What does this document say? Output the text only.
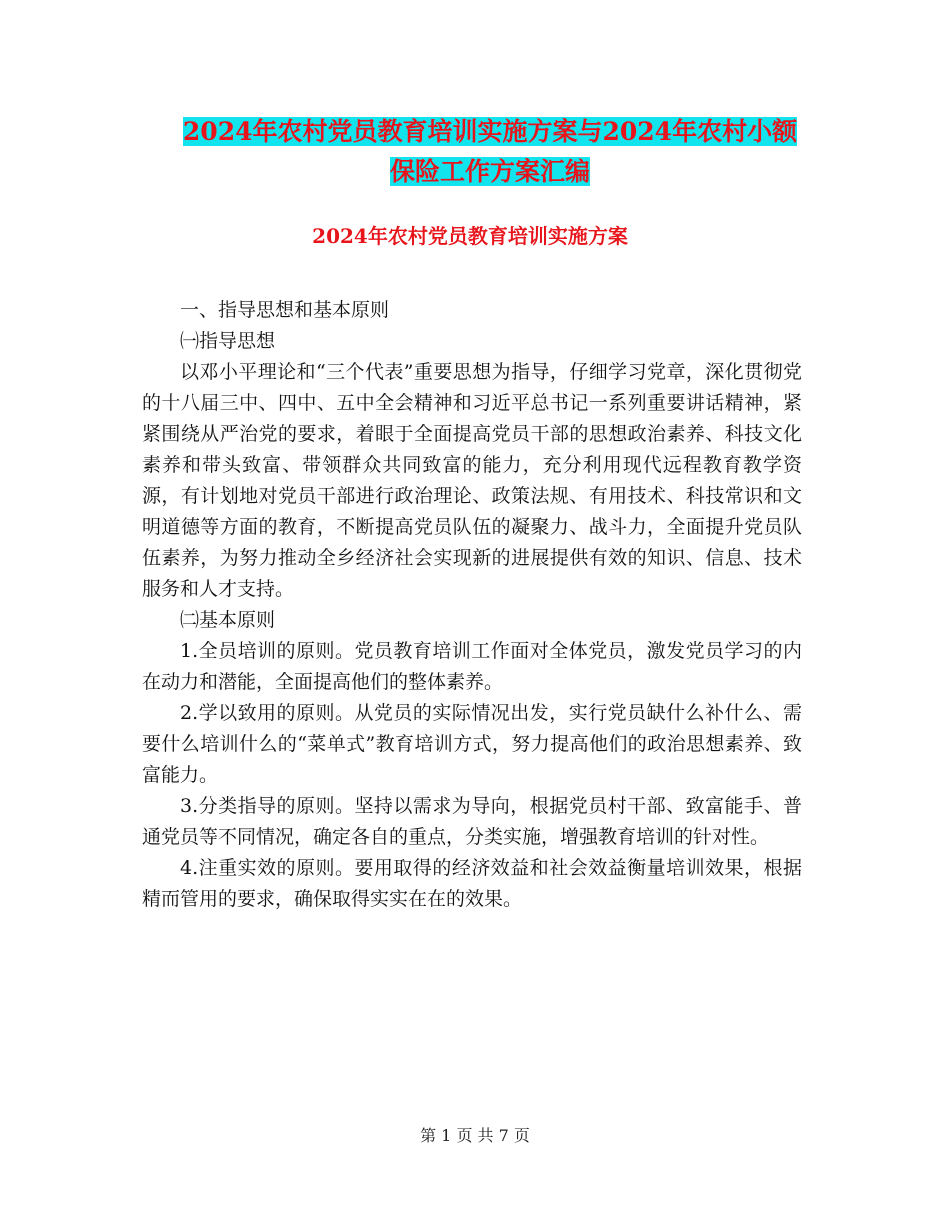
2024年农村党员教育培训实施方案与2024年农村小额
保险工作方案汇编
2024年农村党员教育培训实施方案

一、指导思想和基本原则

㈠指导思想

以邓小平理论和“三个代表”重要思想为指导，仔细学习党章，深化贯彻党的十八届三中、四中、五中全会精神和习近平总书记一系列重要讲话精神，紧紧围绕从严治党的要求，着眼于全面提高党员干部的思想政治素养、科技文化素养和带头致富、带领群众共同致富的能力，充分利用现代远程教育教学资源，有计划地对党员干部进行政治理论、政策法规、有用技术、科技常识和文明道德等方面的教育，不断提高党员队伍的凝聚力、战斗力，全面提升党员队伍素养，为努力推动全乡经济社会实现新的进展提供有效的知识、信息、技术服务和人才支持。

㈡基本原则

1.全员培训的原则。党员教育培训工作面对全体党员，激发党员学习的内在动力和潜能，全面提高他们的整体素养。

2.学以致用的原则。从党员的实际情况出发，实行党员缺什么补什么、需要什么培训什么的“菜单式”教育培训方式，努力提高他们的政治思想素养、致富能力。

3.分类指导的原则。坚持以需求为导向，根据党员村干部、致富能手、普通党员等不同情况，确定各自的重点，分类实施，增强教育培训的针对性。

4.注重实效的原则。要用取得的经济效益和社会效益衡量培训效果，根据精而管用的要求，确保取得实实在在的效果。

第 1 页 共 7 页
